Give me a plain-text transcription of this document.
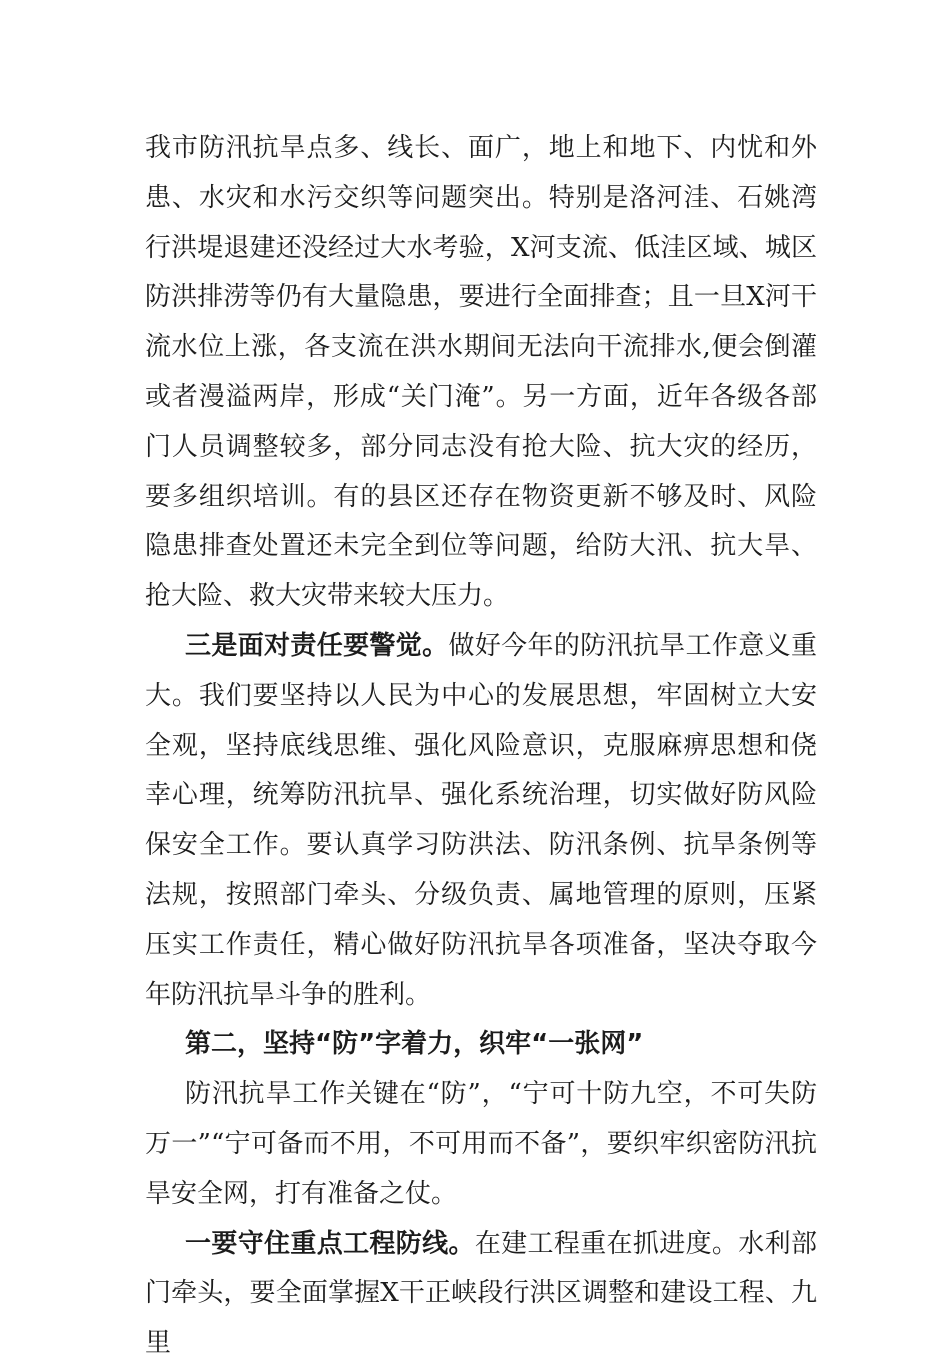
我市防汛抗旱点多、线长、面广，地上和地下、内忧和外患、水灾和水污交织等问题突出。特别是洛河洼、石姚湾行洪堤退建还没经过大水考验，X河支流、低洼区域、城区防洪排涝等仍有大量隐患，要进行全面排查；且一旦X河干流水位上涨，各支流在洪水期间无法向干流排水,便会倒灌或者漫溢两岸，形成“关门淹”。另一方面，近年各级各部门人员调整较多，部分同志没有抢大险、抗大灾的经历，要多组织培训。有的县区还存在物资更新不够及时、风险隐患排查处置还未完全到位等问题，给防大汛、抗大旱、抢大险、救大灾带来较大压力。

三是面对责任要警觉。做好今年的防汛抗旱工作意义重大。我们要坚持以人民为中心的发展思想，牢固树立大安全观，坚持底线思维、强化风险意识，克服麻痹思想和侥幸心理，统筹防汛抗旱、强化系统治理，切实做好防风险保安全工作。要认真学习防洪法、防汛条例、抗旱条例等法规，按照部门牵头、分级负责、属地管理的原则，压紧压实工作责任，精心做好防汛抗旱各项准备，坚决夺取今年防汛抗旱斗争的胜利。

第二，坚持“防”字着力，织牢“一张网”

防汛抗旱工作关键在“防”，“宁可十防九空，不可失防万一”“宁可备而不用，不可用而不备”，要织牢织密防汛抗旱安全网，打有准备之仗。

一要守住重点工程防线。在建工程重在抓进度。水利部门牵头，要全面掌握X干正峡段行洪区调整和建设工程、九里
